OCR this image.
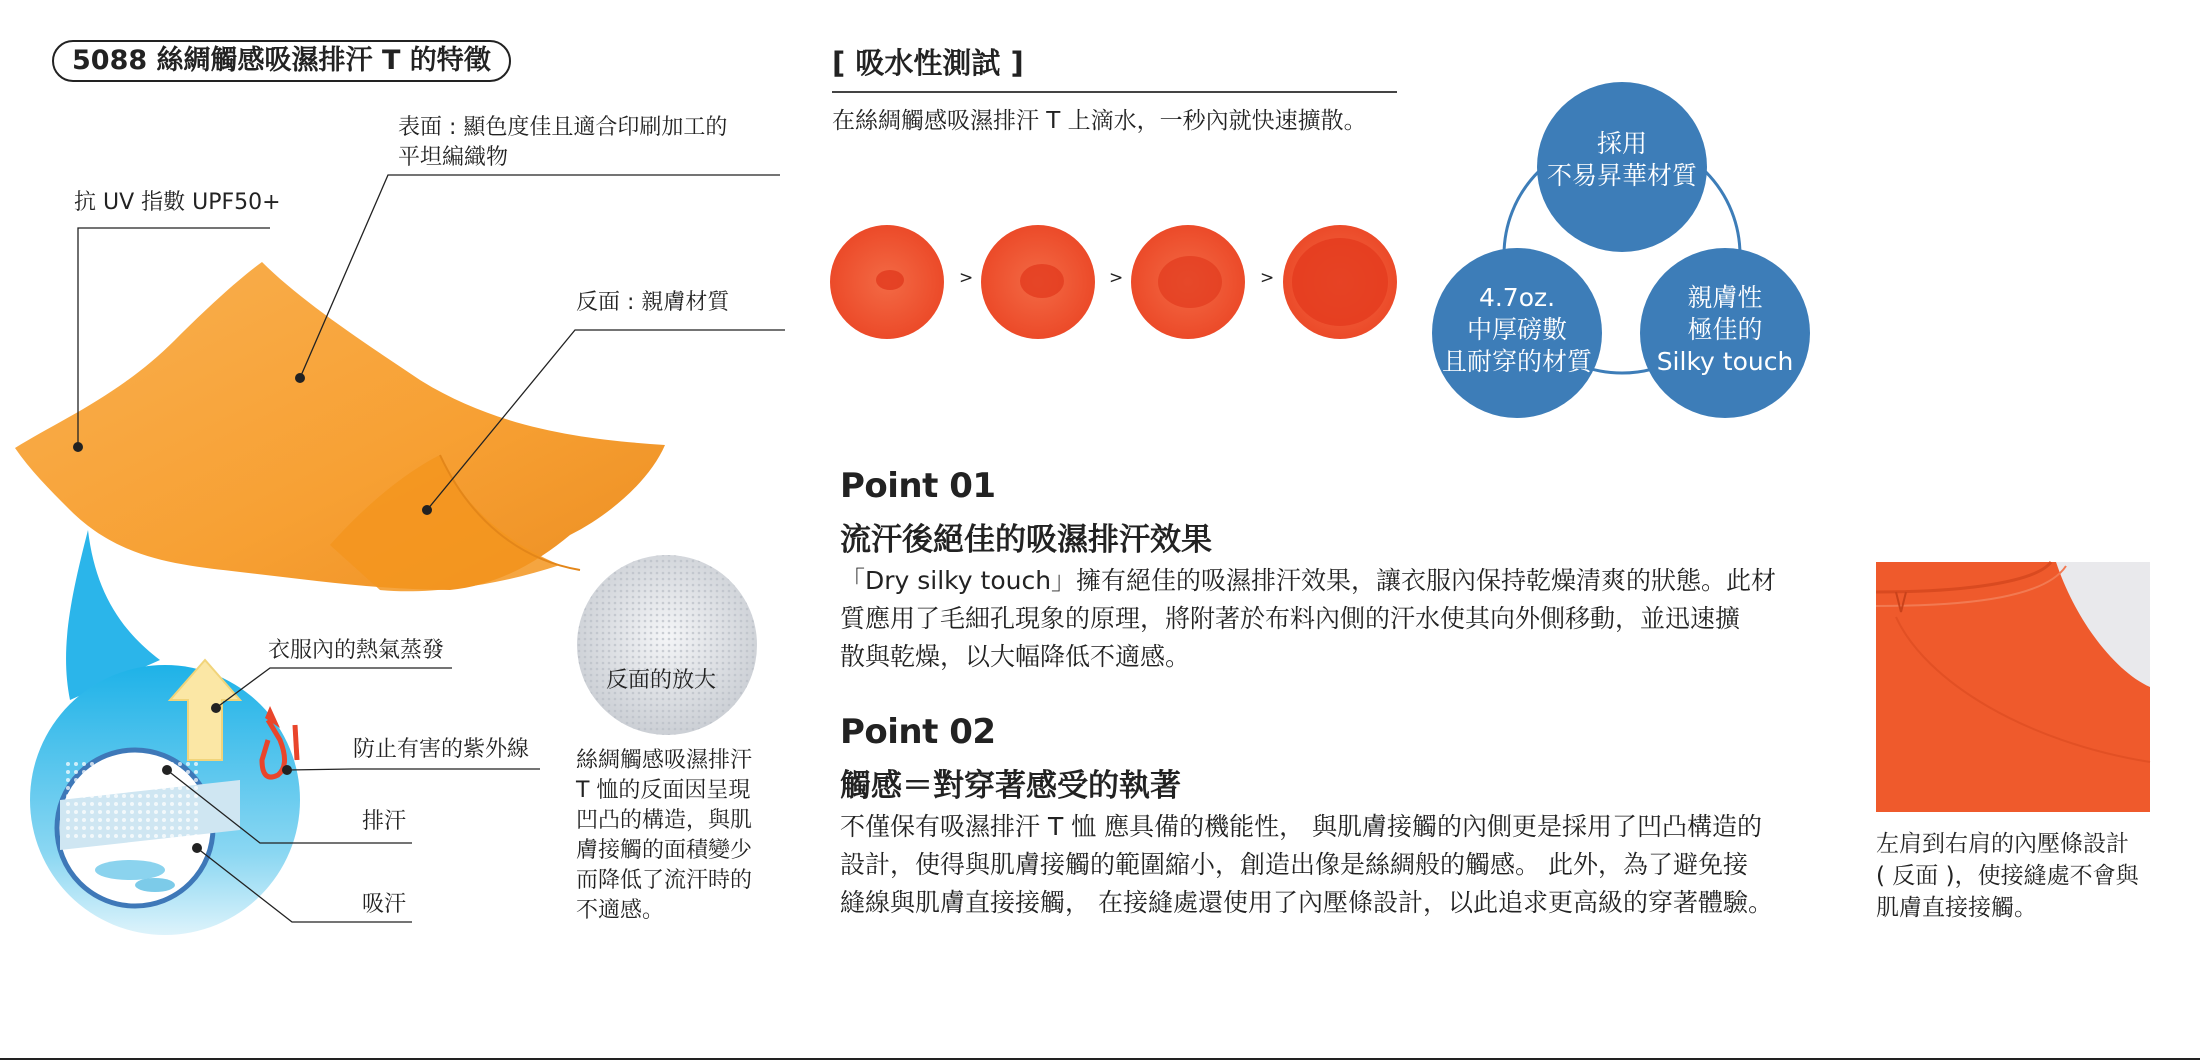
5088 絲綢觸感吸濕排汗 T 的特徵
表面 : 顯色度佳且適合印刷加工的
平坦編織物
抗 UV 指數 UPF50+
反面 : 親膚材質
衣服內的熱氣蒸發
防止有害的紫外線
排汗
吸汗
反面的放大
絲綢觸感吸濕排汗
T 恤的反面因呈現
凹凸的構造，與肌
膚接觸的面積變少
而降低了流汗時的
不適感。
[ 吸水性測試 ]
在絲綢觸感吸濕排汗 T 上滴水，一秒內就快速擴散。
>	>	>
採用
不易昇華材質
4.7oz.
中厚磅數
且耐穿的材質
親膚性
極佳的
Silky touch
Point 01
流汗後絕佳的吸濕排汗效果
「Dry silky touch」擁有絕佳的吸濕排汗效果，讓衣服內保持乾燥清爽的狀態。此材
質應用了毛細孔現象的原理，將附著於布料內側的汗水使其向外側移動，並迅速擴
散與乾燥，以大幅降低不適感。
Point 02
觸感＝對穿著感受的執著
不僅保有吸濕排汗 T 恤 應具備的機能性， 與肌膚接觸的內側更是採用了凹凸構造的
設計，使得與肌膚接觸的範圍縮小，創造出像是絲綢般的觸感。 此外，為了避免接
縫線與肌膚直接接觸， 在接縫處還使用了內壓條設計，以此追求更高級的穿著體驗。
左肩到右肩的內壓條設計
( 反面 )，使接縫處不會與
肌膚直接接觸。
